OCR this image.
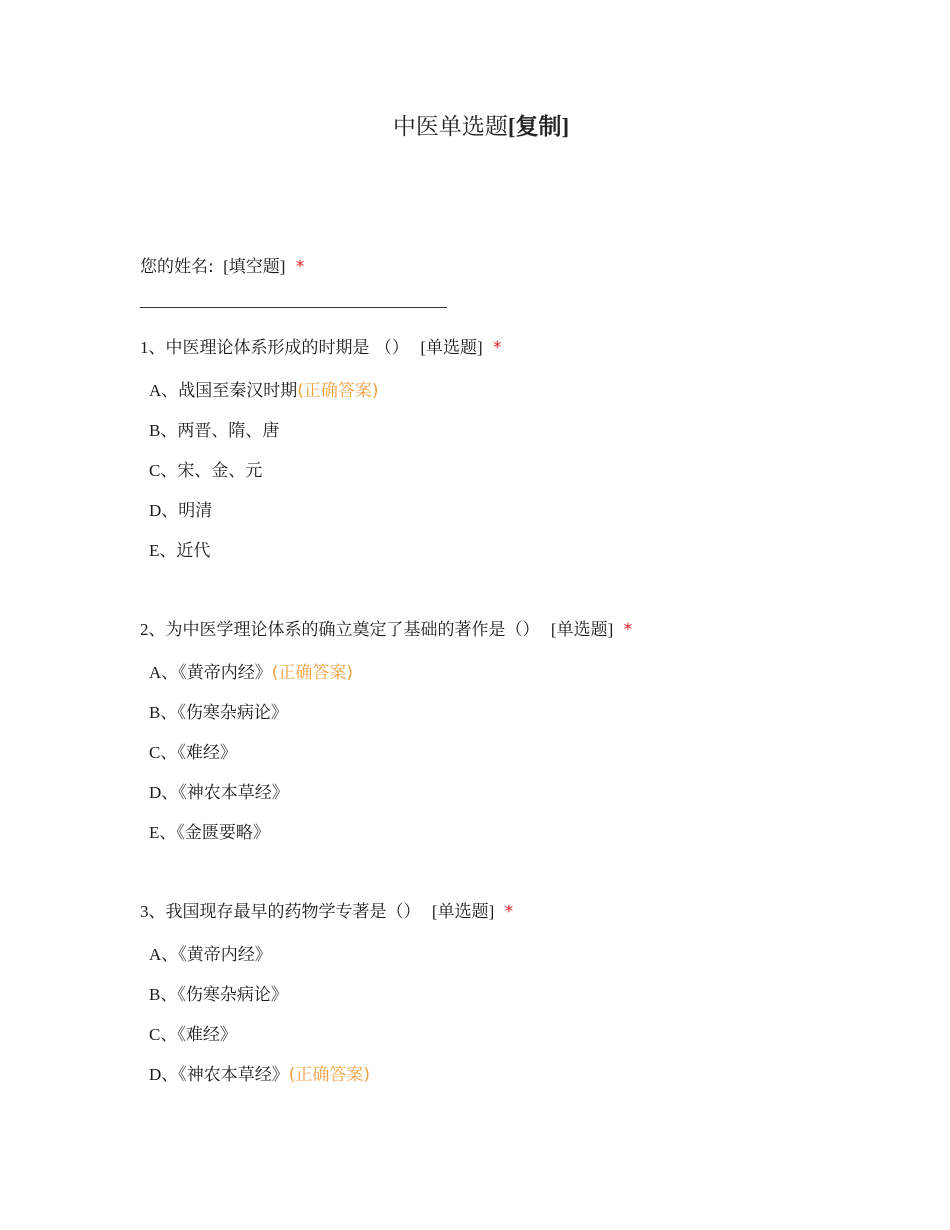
中医单选题[复制]
您的姓名: [填空题] *
1、中医理论体系形成的时期是 （） [单选题] *
A、战国至秦汉时期(正确答案)
B、两晋、隋、唐
C、宋、金、元
D、明清
E、近代
2、为中医学理论体系的确立奠定了基础的著作是（） [单选题] *
A、《黄帝内经》(正确答案)
B、《伤寒杂病论》
C、《难经》
D、《神农本草经》
E、《金匮要略》
3、我国现存最早的药物学专著是（） [单选题] *
A、《黄帝内经》
B、《伤寒杂病论》
C、《难经》
D、《神农本草经》(正确答案)
